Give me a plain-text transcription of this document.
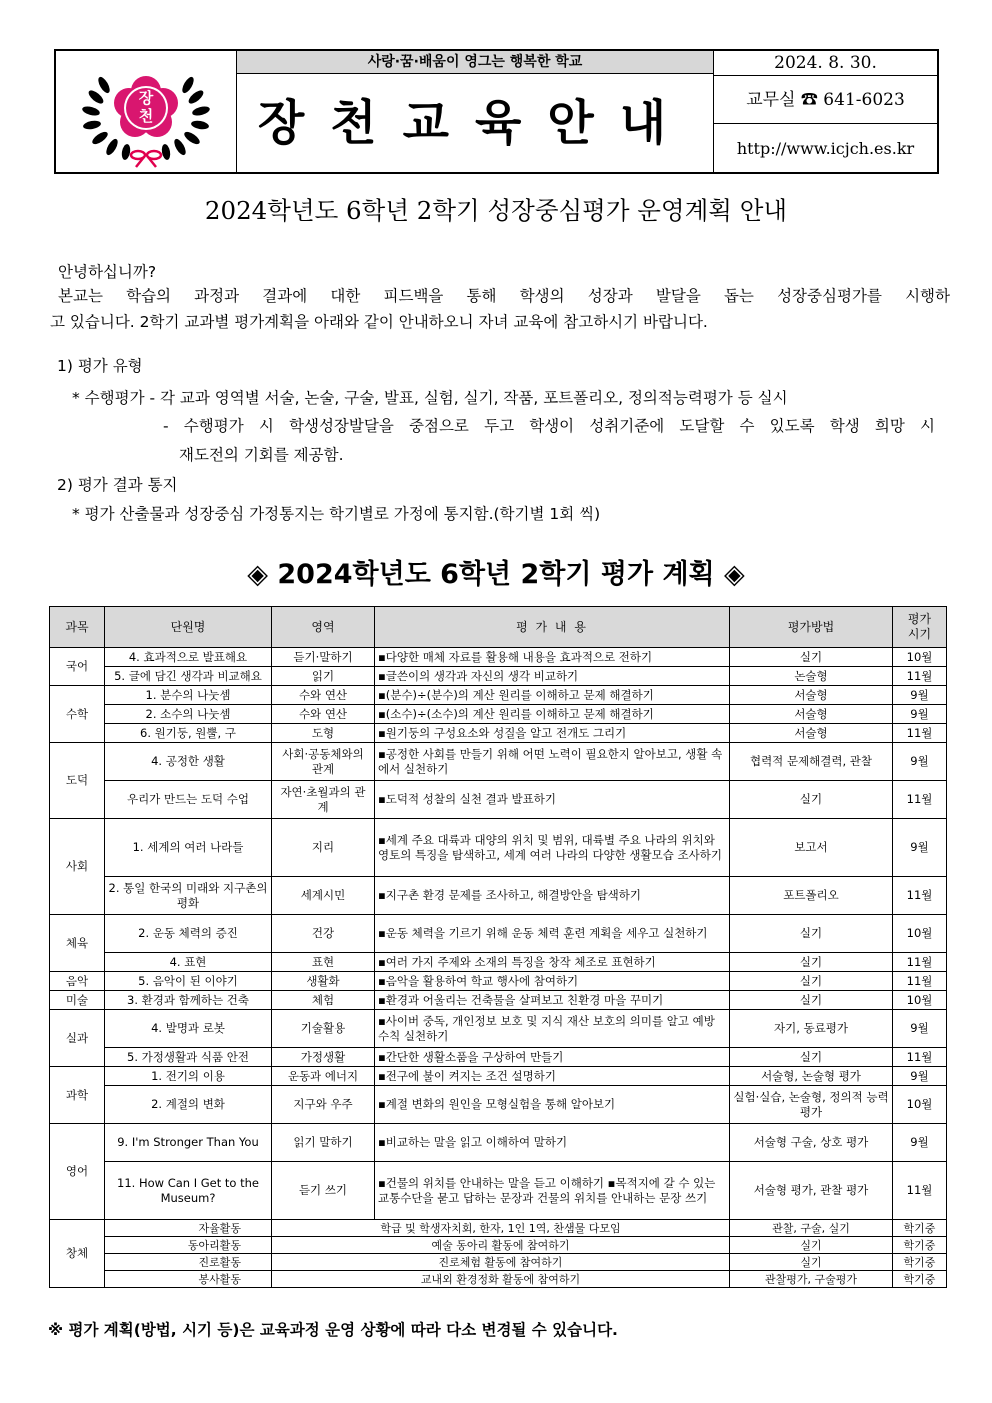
장
천
사랑·꿈·배움이 영그는 행복한 학교
장천교육안내
2024. 8. 30.
교무실 ☎ 641-6023
http://www.icjch.es.kr
2024학년도 6학년 2학기 성장중심평가 운영계획 안내
안녕하십니까?
본교는 학습의 과정과 결과에 대한 피드백을 통해 학생의 성장과 발달을 돕는 성장중심평가를 시행하
고 있습니다. 2학기 교과별 평가계획을 아래와 같이 안내하오니 자녀 교육에 참고하시기 바랍니다.
1) 평가 유형
* 수행평가 - 각 교과 영역별 서술, 논술, 구술, 발표, 실험, 실기, 작품, 포트폴리오, 정의적능력평가 등 실시
- 수행평가 시 학생성장발달을 중점으로 두고 학생이 성취기준에 도달할 수 있도록 학생 희망 시
재도전의 기회를 제공함.
2) 평가 결과 통지
* 평가 산출물과 성장중심 가정통지는 학기별로 가정에 통지함.(학기별 1회 씩)
◈ 2024학년도 6학년 2학기 평가 계획 ◈
과목	단원명	영역	평 가 내 용	평가방법	평가
시기
국어	4. 효과적으로 발표해요	듣기·말하기	▪다양한 매체 자료를 활용해 내용을 효과적으로 전하기	실기	10월
	5. 글에 담긴 생각과 비교해요	읽기	▪글쓴이의 생각과 자신의 생각 비교하기	논술형	11월
수학	1. 분수의 나눗셈	수와 연산	▪(분수)÷(분수)의 계산 원리를 이해하고 문제 해결하기	서술형	9월
	2. 소수의 나눗셈	수와 연산	▪(소수)÷(소수)의 계산 원리를 이해하고 문제 해결하기	서술형	9월
	6. 원기둥, 원뿔, 구	도형	▪원기둥의 구성요소와 성질을 알고 전개도 그리기	서술형	11월
도덕	4. 공정한 생활	사회·공동체와의 관계	▪공정한 사회를 만들기 위해 어떤 노력이 필요한지 알아보고, 생활 속에서 실천하기	협력적 문제해결력, 관찰	9월
	우리가 만드는 도덕 수업	자연·초월과의 관계	▪도덕적 성찰의 실천 결과 발표하기	실기	11월
사회	1. 세계의 여러 나라들	지리	▪세계 주요 대륙과 대양의 위치 및 범위, 대륙별 주요 나라의 위치와 영토의 특징을 탐색하고, 세계 여러 나라의 다양한 생활모습 조사하기	보고서	9월
	2. 통일 한국의 미래와 지구촌의 평화	세계시민	▪지구촌 환경 문제를 조사하고, 해결방안을 탐색하기	포트폴리오	11월
체육	2. 운동 체력의 증진	건강	▪운동 체력을 기르기 위해 운동 체력 훈련 계획을 세우고 실천하기	실기	10월
	4. 표현	표현	▪여러 가지 주제와 소재의 특징을 창작 체조로 표현하기	실기	11월
음악	5. 음악이 된 이야기	생활화	▪음악을 활용하여 학교 행사에 참여하기	실기	11월
미술	3. 환경과 함께하는 건축	체험	▪환경과 어울리는 건축물을 살펴보고 친환경 마을 꾸미기	실기	10월
실과	4. 발명과 로봇	기술활용	▪사이버 중독, 개인정보 보호 및 지식 재산 보호의 의미를 알고 예방 수칙 실천하기	자기, 동료평가	9월
	5. 가정생활과 식품 안전	가정생활	▪간단한 생활소품을 구상하여 만들기	실기	11월
과학	1. 전기의 이용	운동과 에너지	▪전구에 불이 켜지는 조건 설명하기	서술형, 논술형 평가	9월
	2. 계절의 변화	지구와 우주	▪계절 변화의 원인을 모형실험을 통해 알아보기	실험·실습, 논술형, 정의적 능력 평가	10월
영어	9. I'm Stronger Than You	읽기 말하기	▪비교하는 말을 읽고 이해하여 말하기	서술형 구술, 상호 평가	9월
	11. How Can I Get to the Museum?	듣기 쓰기	▪건물의 위치를 안내하는 말을 듣고 이해하기 ▪목적지에 갈 수 있는 교통수단을 묻고 답하는 문장과 건물의 위치를 안내하는 문장 쓰기	서술형 평가, 관찰 평가	11월
창체	자율활동	학급 및 학생자치회, 한자, 1인 1역, 찬샘물 다모임		관찰, 구술, 실기	학기중
	동아리활동	예술 동아리 활동에 참여하기		실기	학기중
	진로활동	진로체험 활동에 참여하기		실기	학기중
	봉사활동	교내외 환경정화 활동에 참여하기		관찰평가, 구술평가	학기중
※ 평가 계획(방법, 시기 등)은 교육과정 운영 상황에 따라 다소 변경될 수 있습니다.
